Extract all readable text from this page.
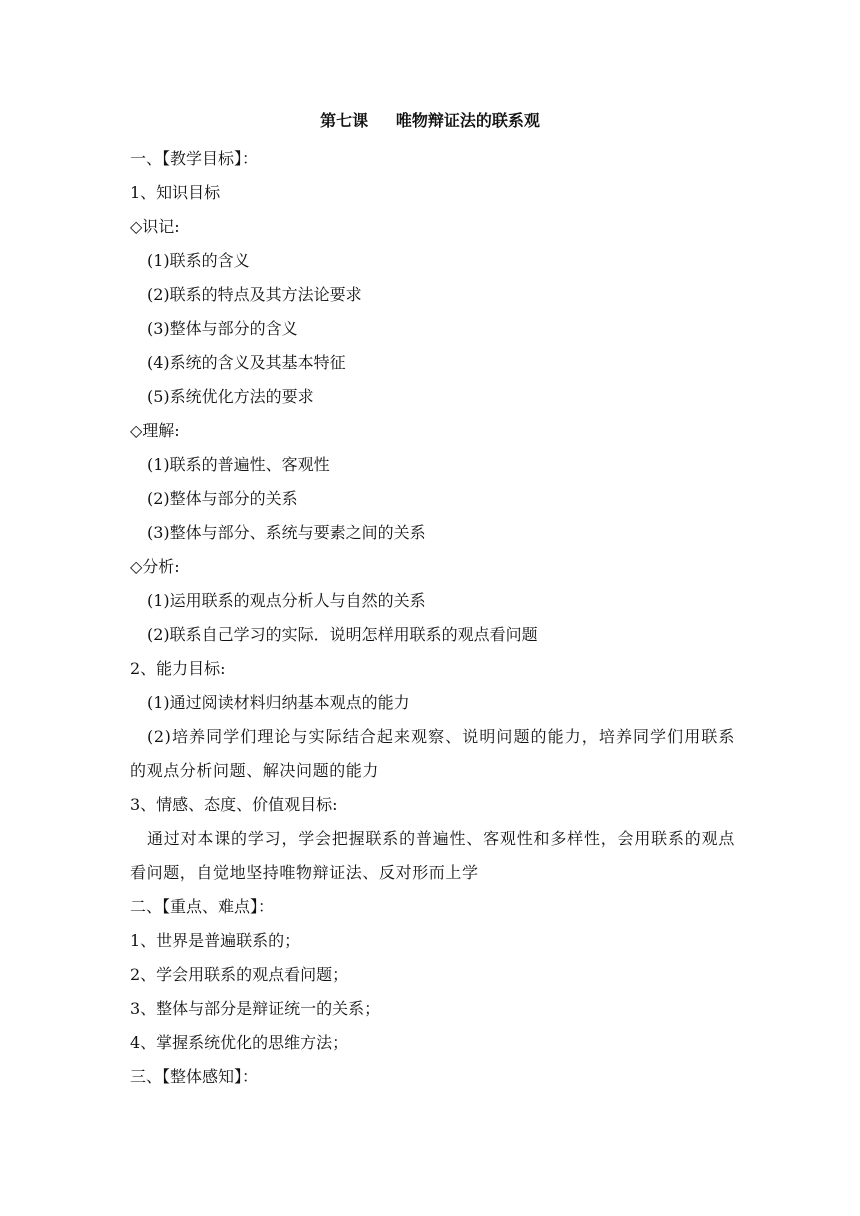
第七课     唯物辩证法的联系观
一、【教学目标】：
1、知识目标
◇识记:
(1)联系的含义
(2)联系的特点及其方法论要求
(3)整体与部分的含义
(4)系统的含义及其基本特征
(5)系统优化方法的要求
◇理解:
(1)联系的普遍性、客观性
(2)整体与部分的关系
(3)整体与部分、系统与要素之间的关系
◇分析:
(1)运用联系的观点分析人与自然的关系
(2)联系自己学习的实际．说明怎样用联系的观点看问题
2、能力目标:
(1)通过阅读材料归纳基本观点的能力
(2)培养同学们理论与实际结合起来观察、说明问题的能力，培养同学们用联系的观点分析问题、解决问题的能力
3、情感、态度、价值观目标:
通过对本课的学习，学会把握联系的普遍性、客观性和多样性，会用联系的观点看问题，自觉地坚持唯物辩证法、反对形而上学
二、【重点、难点】：
1、世界是普遍联系的；
2、学会用联系的观点看问题；
3、整体与部分是辩证统一的关系；
4、掌握系统优化的思维方法；
三、【整体感知】：
